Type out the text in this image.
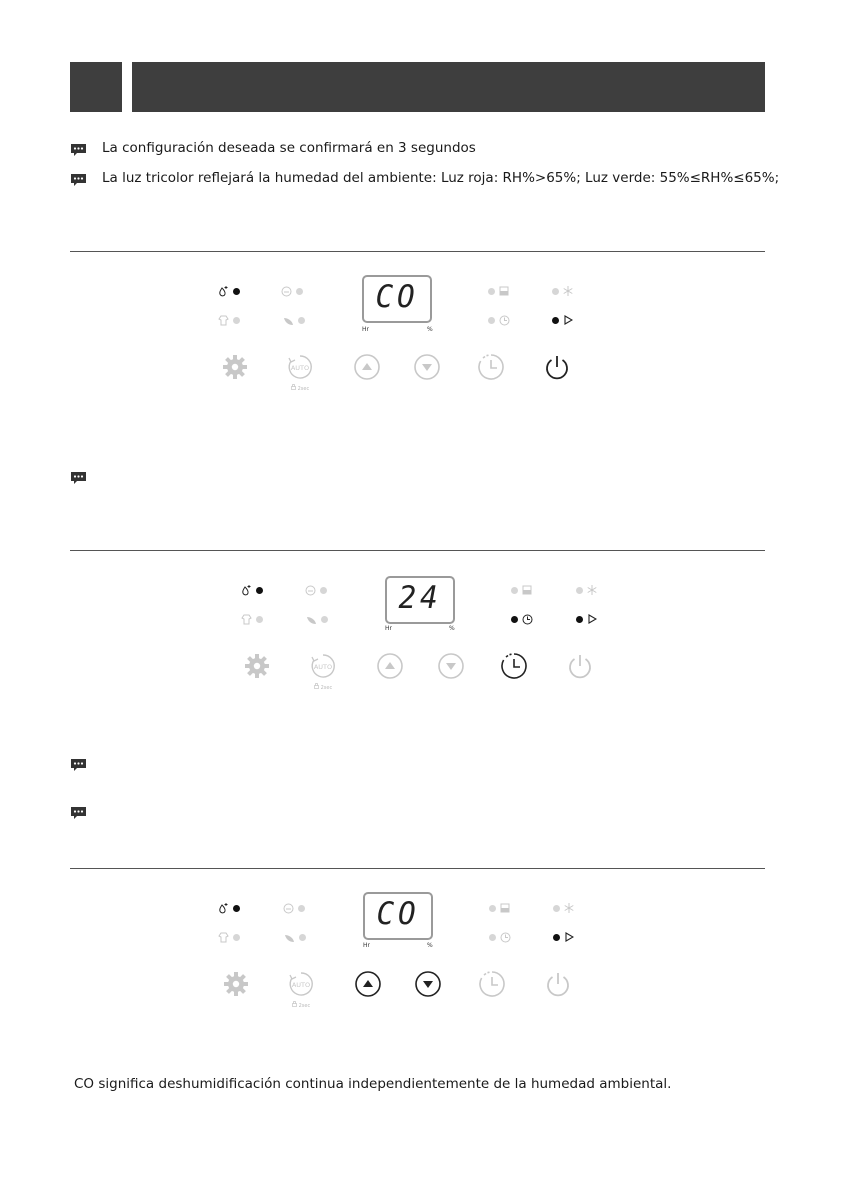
La configuración deseada se confirmará en 3 segundos
La luz tricolor reflejará la humedad del ambiente: Luz roja: RH%>65%; Luz verde: 55%≤RH%≤65%;
CO
Hr	%
AUTO
2sec
24
Hr	%
AUTO
2sec
CO
Hr	%
AUTO
2sec
CO significa deshumidificación continua independientemente de la humedad ambiental.
